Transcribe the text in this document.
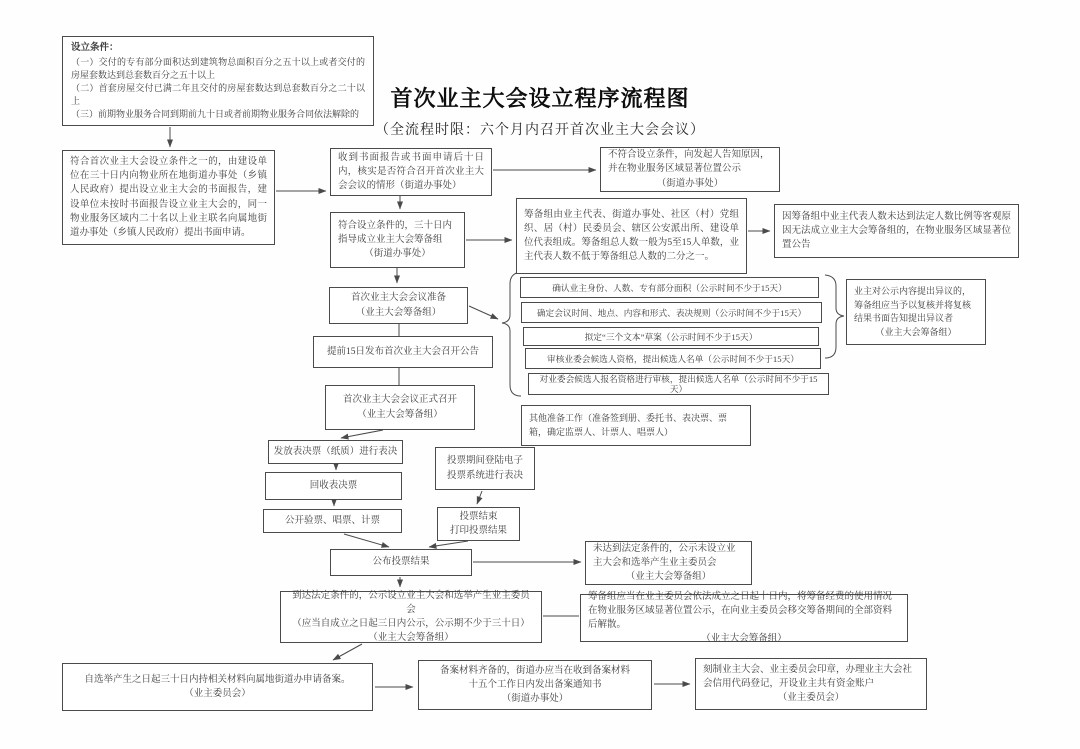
首次业主大会设立程序流程图
（全流程时限：六个月内召开首次业主大会会议）
设立条件：
（一）交付的专有部分面积达到建筑物总面积百分之五十以上或者交付的房屋套数达到总套数百分之五十以上
（二）首套房屋交付已满二年且交付的房屋套数达到总套数百分之二十以上
（三）前期物业服务合同到期前九十日或者前期物业服务合同依法解除的
符合首次业主大会设立条件之一的，由建设单位在三十日内向物业所在地街道办事处（乡镇人民政府）提出设立业主大会的书面报告，建设单位未按时书面报告设立业主大会的，同一物业服务区域内二十名以上业主联名向属地街道办事处（乡镇人民政府）提出书面申请。
收到书面报告或书面申请后十日内，核实是否符合召开首次业主大会会议的情形（街道办事处）
不符合设立条件，向发起人告知原因，并在物业服务区域显著位置公示
（街道办事处）
符合设立条件的，三十日内指导成立业主大会筹备组
（街道办事处）
筹备组由业主代表、街道办事处、社区（村）党组织、居（村）民委员会、辖区公安派出所、建设单位代表组成。筹备组总人数一般为5至15人单数，业主代表人数不低于筹备组总人数的二分之一。
因筹备组中业主代表人数未达到法定人数比例等客观原因无法成立业主大会筹备组的，在物业服务区域显著位置公告
首次业主大会会议准备
（业主大会筹备组）
提前15日发布首次业主大会召开公告
确认业主身份、人数、专有部分面积（公示时间不少于15天）
确定会议时间、地点、内容和形式、表决规则（公示时间不少于15天）
拟定“三个文本”草案（公示时间不少于15天）
审核业委会候选人资格，提出候选人名单（公示时间不少于15天）
对业委会候选人报名资格进行审核，提出候选人名单（公示时间不少于15天）
业主对公示内容提出异议的，筹备组应当予以复核并将复核结果书面告知提出异议者
（业主大会筹备组）
首次业主大会会议正式召开
（业主大会筹备组）	其他准备工作（准备签到册、委托书、表决票、票箱，确定监票人、计票人、唱票人）
发放表决票（纸质）进行表决
投票期间登陆电子
投票系统进行表决
回收表决票
公开验票、唱票、计票	投票结束
打印投票结果
公布投票结果
未达到法定条件的，公示未设立业主大会和选举产生业主委员会
（业主大会筹备组）
到达法定条件的，公示设立业主大会和选举产生业主委员会
（应当自成立之日起三日内公示，公示期不少于三十日）
（业主大会筹备组）
筹备组应当在业主委员会依法成立之日起十日内，将筹备经费的使用情况在物业服务区域显著位置公示，在向业主委员会移交筹备期间的全部资料后解散。
（业主大会筹备组）
自选举产生之日起三十日内持相关材料向属地街道办申请备案。
（业主委员会）
备案材料齐备的，街道办应当在收到备案材料
十五个工作日内发出备案通知书
（街道办事处）
刻制业主大会、业主委员会印章，办理业主大会社会信用代码登记，开设业主共有资金账户
（业主委员会）
